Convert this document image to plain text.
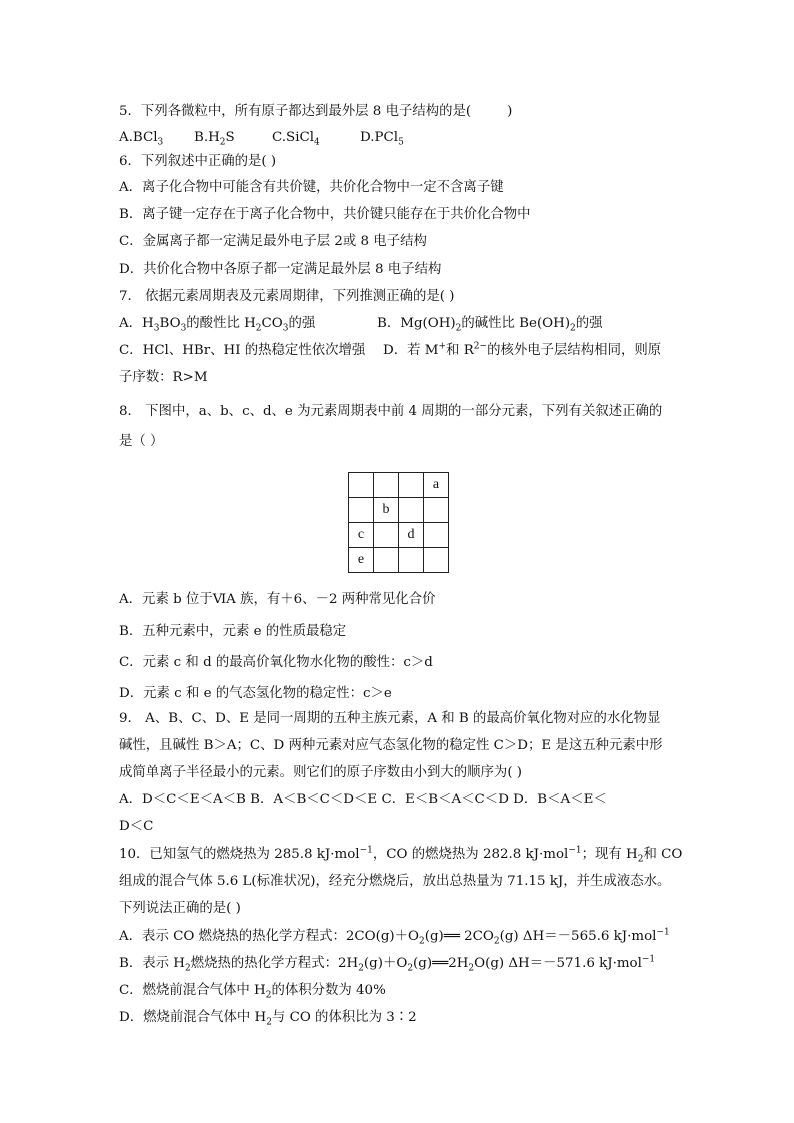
5．下列各微粒中，所有原子都达到最外层 8 电子结构的是(	)
A.BCl$_3$ $B.H_2S$	C.SiCl$_4$	D.PCl$_5$
6．下列叙述中正确的是( )
A．离子化合物中可能含有共价键，共价化合物中一定不含离子键
B．离子键一定存在于离子化合物中，共价键只能存在于共价化合物中
C．金属离子都一定满足最外电子层 2或 8 电子结构
D．共价化合物中各原子都一定满足最外层 8 电子结构
7． 依据元素周期表及元素周期律，下列推测正确的是( )
A．$H_3BO_3$的酸性比 $H_2CO_3$的强	B．$Mg(OH)_2$的碱性比 $Be(OH)_2$的强
C．HCl、HBr、HI 的热稳定性依次增强 D．若 M+和 $R^{2-}$的核外电子层结构相同，则原
子序数：R>M
8． 下图中，a、b、c、d、e 为元素周期表中前 4 周期的一部分元素，下列有关叙述正确的
是（ ）
			a
	b		
c		d	
e			
A．元素 b 位于ⅥA 族，有＋6、－2 两种常见化合价
B．五种元素中，元素 e 的性质最稳定
C．元素 c 和 d 的最高价氧化物水化物的酸性：c＞d
D．元素 c 和 e 的气态氢化物的稳定性：c＞e
9． A、B、C、D、E 是同一周期的五种主族元素，A 和 B 的最高价氧化物对应的水化物显
碱性，且碱性 B＞A；C、D 两种元素对应气态氢化物的稳定性 C＞D；E 是这五种元素中形
成简单离子半径最小的元素。则它们的原子序数由小到大的顺序为( )
A．D＜C＜E＜A＜B B．A＜B＜C＜D＜E C．E＜B＜A＜C＜D D．B＜A＜E＜
D＜C
10．已知氢气的燃烧热为 285.8 kJ·mol$^{-1}$，CO 的燃烧热为 282.8 kJ·mol$^{-1}$；现有 $H_2$和 CO
组成的混合气体 5.6 L(标准状况)，经充分燃烧后，放出总热量为 71.15 kJ，并生成液态水。
下列说法正确的是( )
A．表示 CO 燃烧热的热化学方程式：$2CO(g)+O_2(g)══$ $2CO_2(g)$ ΔH＝－565.6 kJ·mol$^{-1}$
B．表示 $H_2$燃烧热的热化学方程式：$2H_2(g)+O_2(g)══2H_2O(g)$ ΔH＝－571.6 kJ·mol$^{-1}$
C．燃烧前混合气体中 $H_2$的体积分数为 40%
D．燃烧前混合气体中 $H_2$与 CO 的体积比为 3∶2
